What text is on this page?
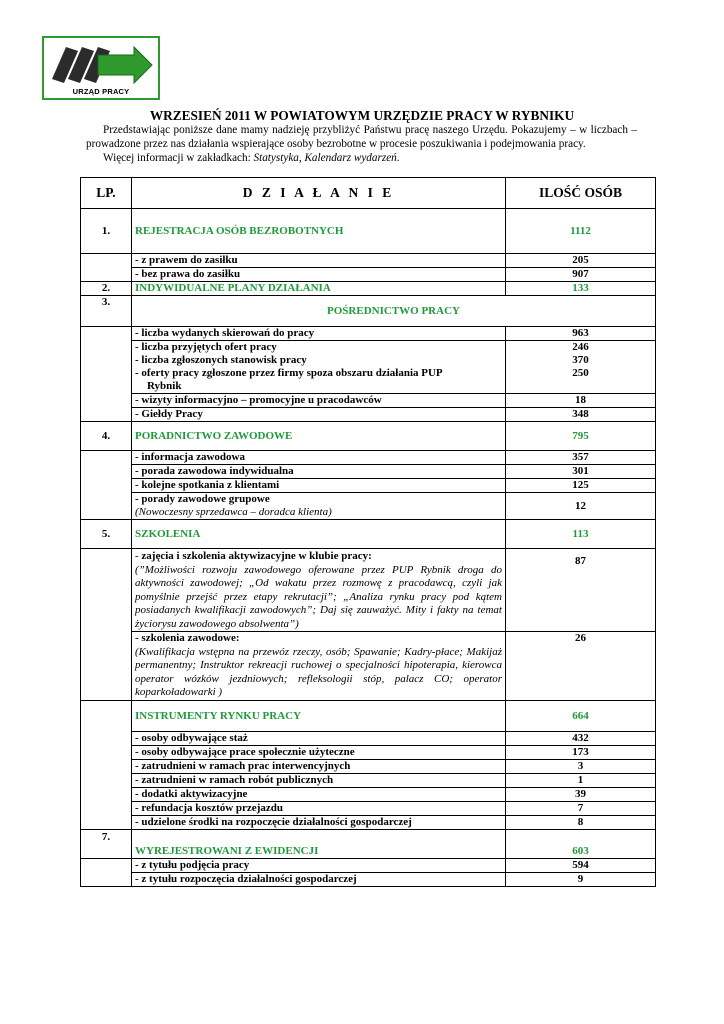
URZĄD PRACY
WRZESIEŃ 2011 W POWIATOWYM URZĘDZIE PRACY W RYBNIKU

Przedstawiając poniższe dane mamy nadzieję przybliżyć Państwu pracę naszego Urzędu. Pokazujemy – w liczbach – prowadzone przez nas działania wspierające osoby bezrobotne w procesie poszukiwania i podejmowania pracy.

Więcej informacji w zakładkach: Statystyka, Kalendarz wydarzeń.

LP.	D Z I A Ł A N I E	ILOŚĆ OSÓB
1.	REJESTRACJA OSÓB BEZROBOTNYCH	1112
	- z prawem do zasiłku	205
	- bez prawa do zasiłku	907
2.	INDYWIDUALNE PLANY DZIAŁANIA	133
3.	POŚREDNICTWO PRACY	
	- liczba wydanych skierowań do pracy	963
	- liczba przyjętych ofert pracy	246
	- liczba zgłoszonych stanowisk pracy	370
	- oferty pracy zgłoszone przez firmy spoza obszaru działania PUP
Rybnik	250
	- wizyty informacyjno – promocyjne u pracodawców	18
	- Giełdy Pracy	348
4.	PORADNICTWO ZAWODOWE	795
	- informacja zawodowa	357
	- porada zawodowa indywidualna	301
	- kolejne spotkania z klientami	125
	- porady zawodowe grupowe
(Nowoczesny sprzedawca – doradca klienta)	12
5.	SZKOLENIA	113
	- zajęcia i szkolenia aktywizacyjne w klubie pracy:
(”Możliwości rozwoju zawodowego oferowane przez PUP Rybnik droga do aktywności zawodowej; „Od wakatu przez rozmowę z pracodawcą, czyli jak pomyślnie przejść przez etapy rekrutacji”; „Analiza rynku pracy pod kątem posiadanych kwalifikacji zawodowych”; Daj się zauważyć. Mity i fakty na temat życiorysu zawodowego absolwenta”)	87
	- szkolenia zawodowe:
(Kwalifikacja wstępna na przewóz rzeczy, osób; Spawanie; Kadry-płace; Makijaż permanentny; Instruktor rekreacji ruchowej o specjalności hipoterapia, kierowca operator wózków jezdniowych; refleksologii stóp, palacz CO; operator koparkoładowarki )	26
	INSTRUMENTY RYNKU PRACY	664
	- osoby odbywające staż	432
	- osoby odbywające prace społecznie użyteczne	173
	- zatrudnieni w ramach prac interwencyjnych	3
	- zatrudnieni w ramach robót publicznych	1
	- dodatki aktywizacyjne	39
	- refundacja kosztów przejazdu	7
	- udzielone środki na rozpoczęcie działalności gospodarczej	8
7.	WYREJESTROWANI Z EWIDENCJI	603
	- z tytułu podjęcia pracy	594
	- z tytułu rozpoczęcia działalności gospodarczej	9
